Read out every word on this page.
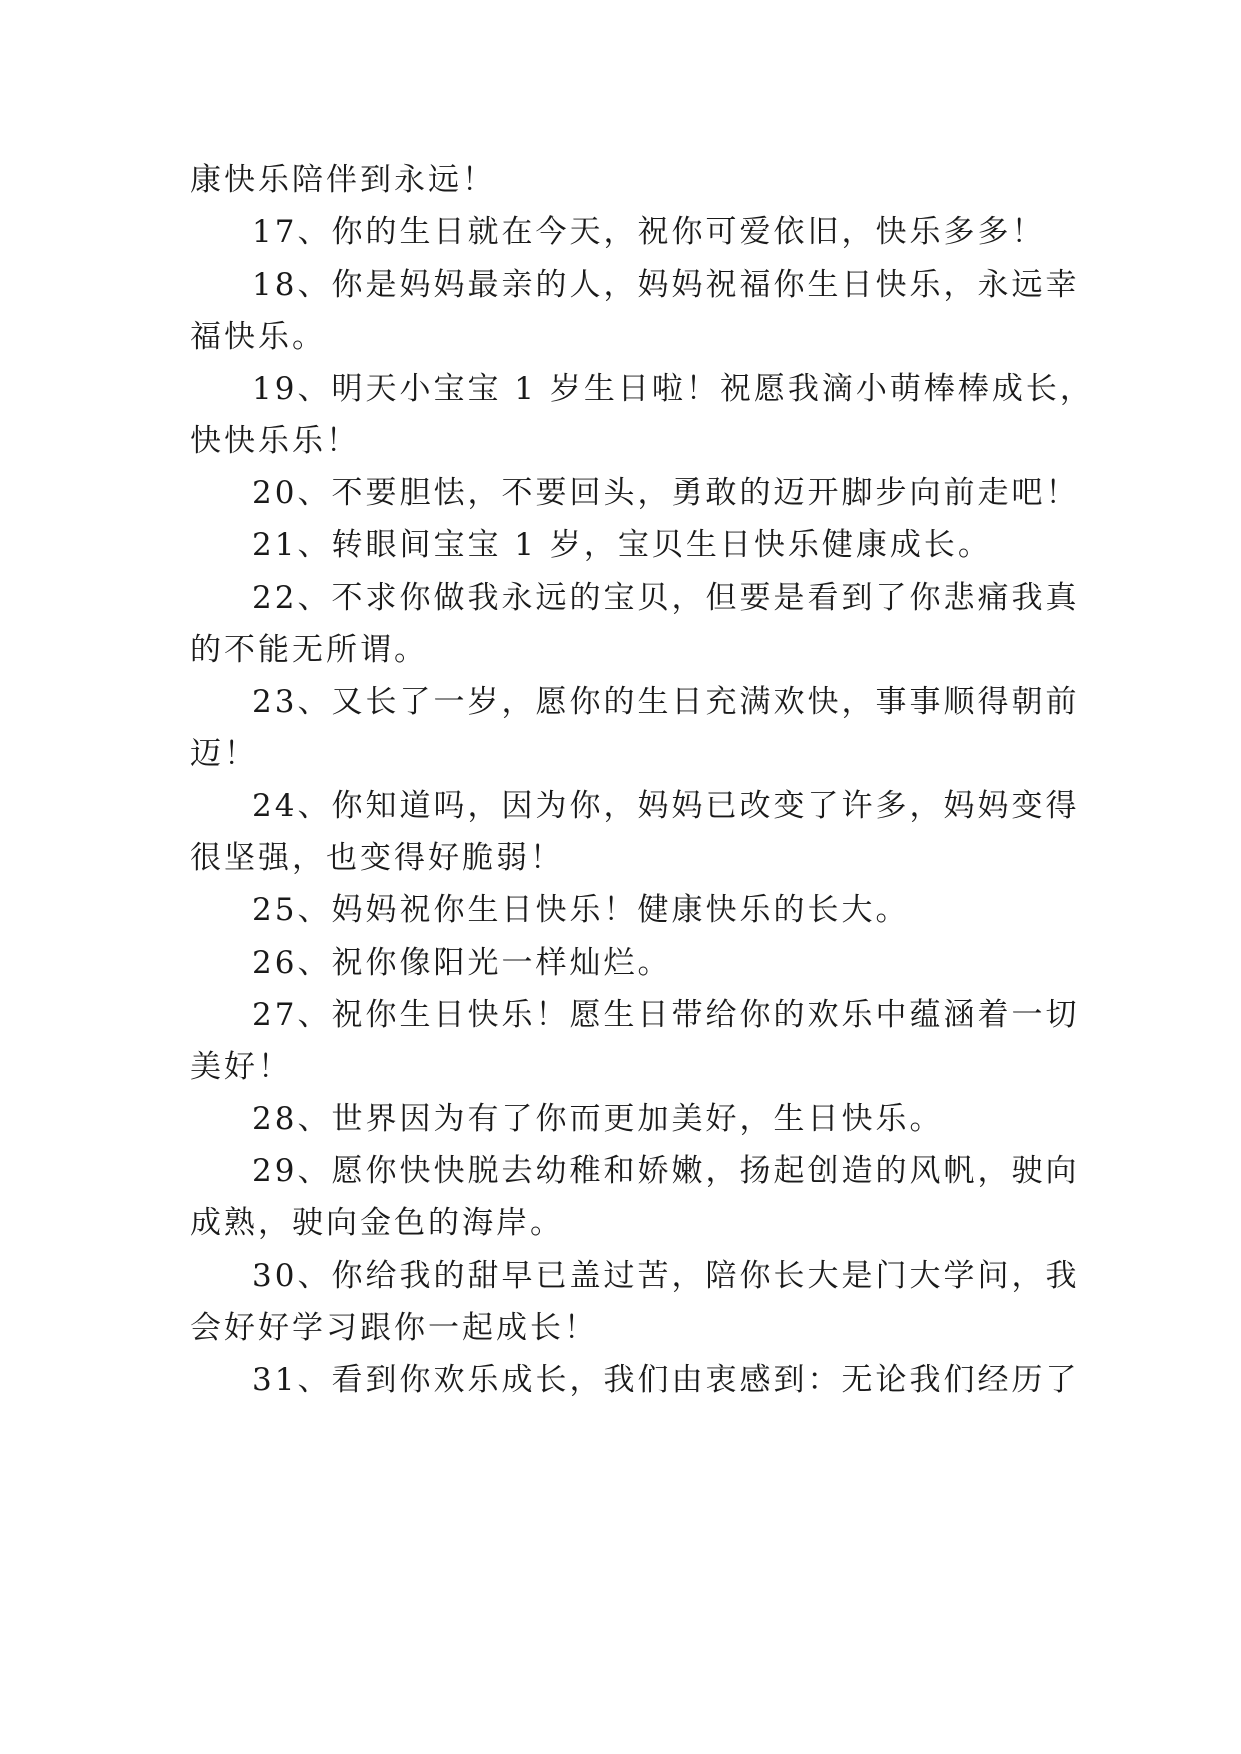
康快乐陪伴到永远！
17、你的生日就在今天，祝你可爱依旧，快乐多多！
18、你是妈妈最亲的人，妈妈祝福你生日快乐，永远幸
福快乐。
19、明天小宝宝 1 岁生日啦！祝愿我滴小萌棒棒成长，
快快乐乐！
20、不要胆怯，不要回头，勇敢的迈开脚步向前走吧！
21、转眼间宝宝 1 岁，宝贝生日快乐健康成长。
22、不求你做我永远的宝贝，但要是看到了你悲痛我真
的不能无所谓。
23、又长了一岁，愿你的生日充满欢快，事事顺得朝前
迈！
24、你知道吗，因为你，妈妈已改变了许多，妈妈变得
很坚强，也变得好脆弱！
25、妈妈祝你生日快乐！健康快乐的长大。
26、祝你像阳光一样灿烂。
27、祝你生日快乐！愿生日带给你的欢乐中蕴涵着一切
美好！
28、世界因为有了你而更加美好，生日快乐。
29、愿你快快脱去幼稚和娇嫩，扬起创造的风帆，驶向
成熟，驶向金色的海岸。
30、你给我的甜早已盖过苦，陪你长大是门大学问，我
会好好学习跟你一起成长！
31、看到你欢乐成长，我们由衷感到：无论我们经历了
